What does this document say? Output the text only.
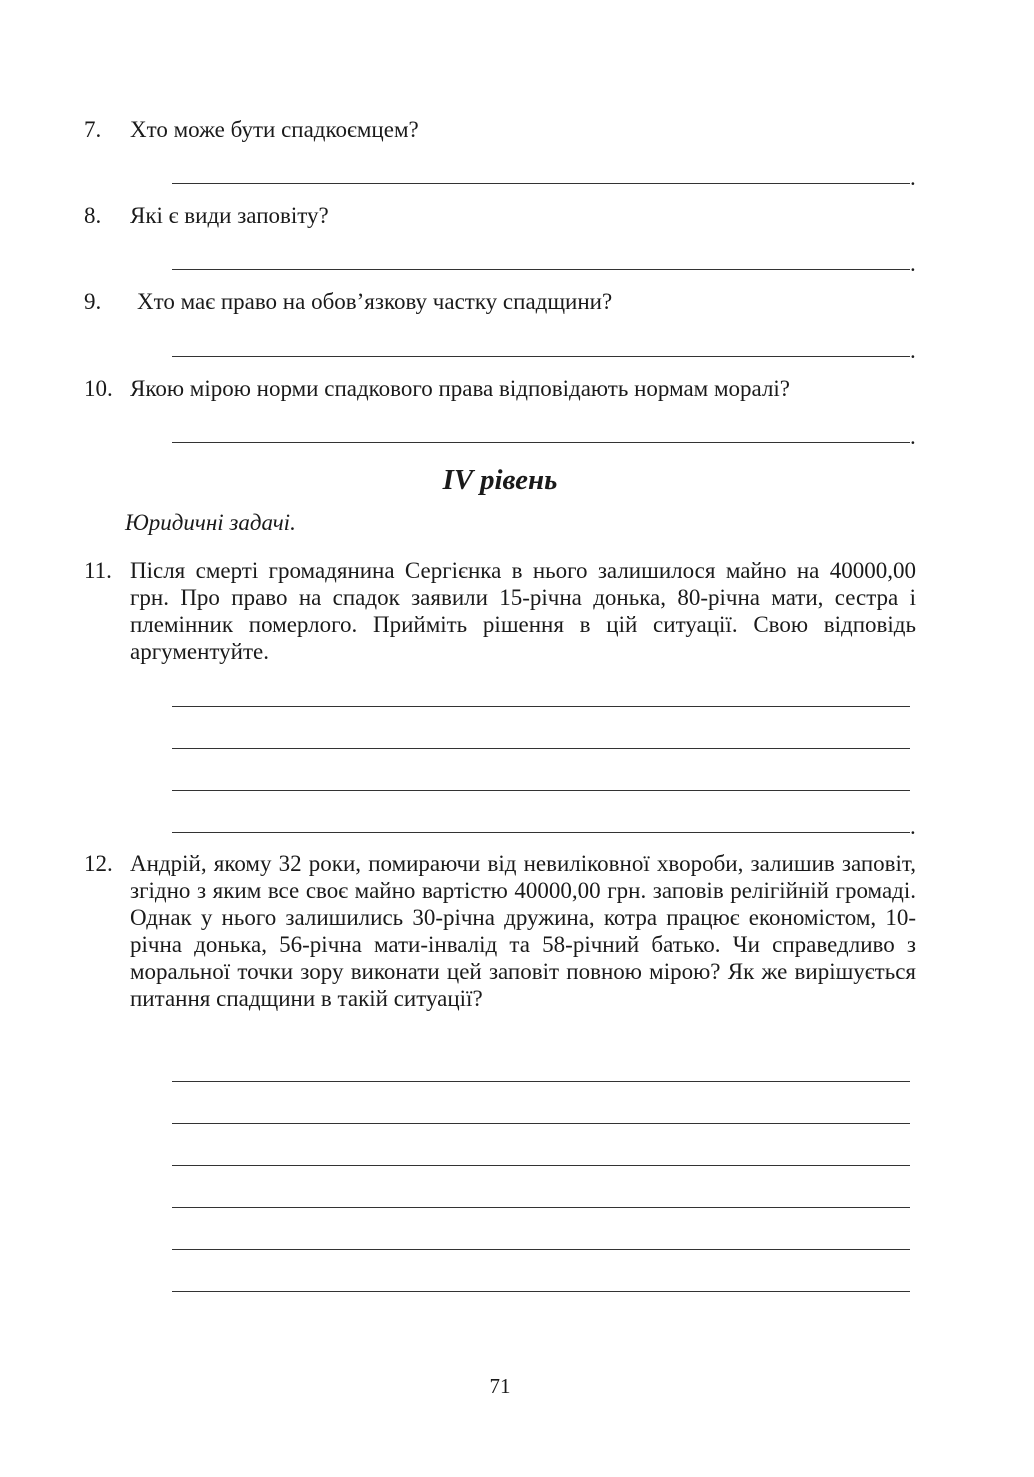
7. Хто може бути спадкоємцем?
.
8. Які є види заповіту?
.
9. Хто має право на обов’язкову частку спадщини?
.
10. Якою мірою норми спадкового права відповідають нормам моралі?
.
IV рівень
Юридичні задачі.
11. Після смерті громадянина Сергієнка в нього залишилося майно на 40000,00 грн. Про право на спадок заявили 15-річна донька, 80-річна мати, сестра і племінник померлого. Прийміть рішення в цій ситуації. Свою відповідь аргументуйте.
.
12. Андрій, якому 32 роки, помираючи від невиліковної хвороби, залишив заповіт, згідно з яким все своє майно вартістю 40000,00 грн. заповів релігійній громаді. Однак у нього залишились 30-річна дружина, котра працює економістом, 10-річна донька, 56-річна мати-інвалід та 58-річний батько. Чи справедливо з моральної точки зору виконати цей заповіт повною мірою? Як же вирішується питання спадщини в такій ситуації?
71
